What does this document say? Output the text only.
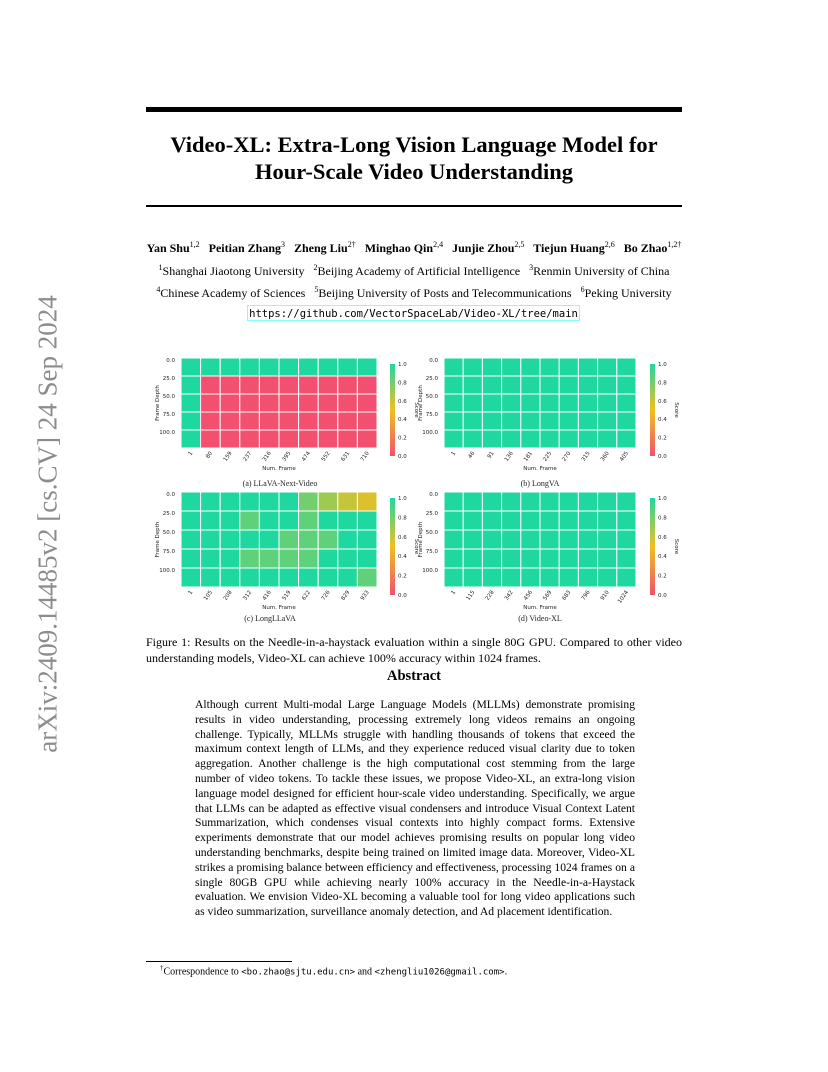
arXiv:2409.14485v2 [cs.CV] 24 Sep 2024
Video-XL: Extra-Long Vision Language Model for
Hour-Scale Video Understanding
Yan Shu$^{1,2}$ Peitian Zhang$^3$ Zheng Liu$^{2\dagger}$ Minghao Qin$^{2,4}$ Junjie Zhou$^{2,5}$ Tiejun Huang$^{2,6}$ Bo Zhao$^{1,2\dagger}$
$^1$Shanghai Jiaotong University $^2$Beijing Academy of Artificial Intelligence $^3$Renmin University of China
$^4$Chinese Academy of Sciences $^5$Beijing University of Posts and Telecommunications $^6$Peking University
https://github.com/VectorSpaceLab/Video-XL/tree/main
0.0
25.0
50.0
75.0
100.0
Frame Depth
1 80 159 237 316 395 474 552 631 710
Num. Frame
0.0
0.2
0.4
0.6
0.8
1.0
Score
(a) LLaVA-Next-Video
0.0
25.0
50.0
75.0
100.0
Frame Depth
1 46 91 136 181 225 270 315 360 405
Num. Frame
0.0
0.2
0.4
0.6
0.8
1.0
Score
(b) LongVA
0.0
25.0
50.0
75.0
100.0
Frame Depth
1 105 208 312 416 519 622 726 829 933
Num. Frame
0.0
0.2
0.4
0.6
0.8
1.0
Score
(c) LongLLaVA
0.0
25.0
50.0
75.0
100.0
Frame Depth
1 115 228 342 456 569 683 796 910 1024
Num. Frame
0.0
0.2
0.4
0.6
0.8
1.0
Score
(d) Video-XL
Figure 1: Results on the Needle-in-a-haystack evaluation within a single 80G GPU. Compared to other video understanding models, Video-XL can achieve 100% accuracy within 1024 frames.
Abstract
Although current Multi-modal Large Language Models (MLLMs) demonstrate promising results in video understanding, processing extremely long videos remains an ongoing challenge. Typically, MLLMs struggle with handling thousands of tokens that exceed the maximum context length of LLMs, and they experience reduced visual clarity due to token aggregation. Another challenge is the high computational cost stemming from the large number of video tokens. To tackle these issues, we propose Video-XL, an extra-long vision language model designed for efficient hour-scale video understanding. Specifically, we argue that LLMs can be adapted as effective visual condensers and introduce Visual Context Latent Summarization, which condenses visual contexts into highly compact forms. Extensive experiments demonstrate that our model achieves promising results on popular long video understanding benchmarks, despite being trained on limited image data. Moreover, Video-XL strikes a promising balance between efficiency and effectiveness, processing 1024 frames on a single 80GB GPU while achieving nearly 100% accuracy in the Needle-in-a-Haystack evaluation. We envision Video-XL becoming a valuable tool for long video applications such as video summarization, surveillance anomaly detection, and Ad placement identification.
†Correspondence to <bo.zhao@sjtu.edu.cn> and <zhengliu1026@gmail.com>.
